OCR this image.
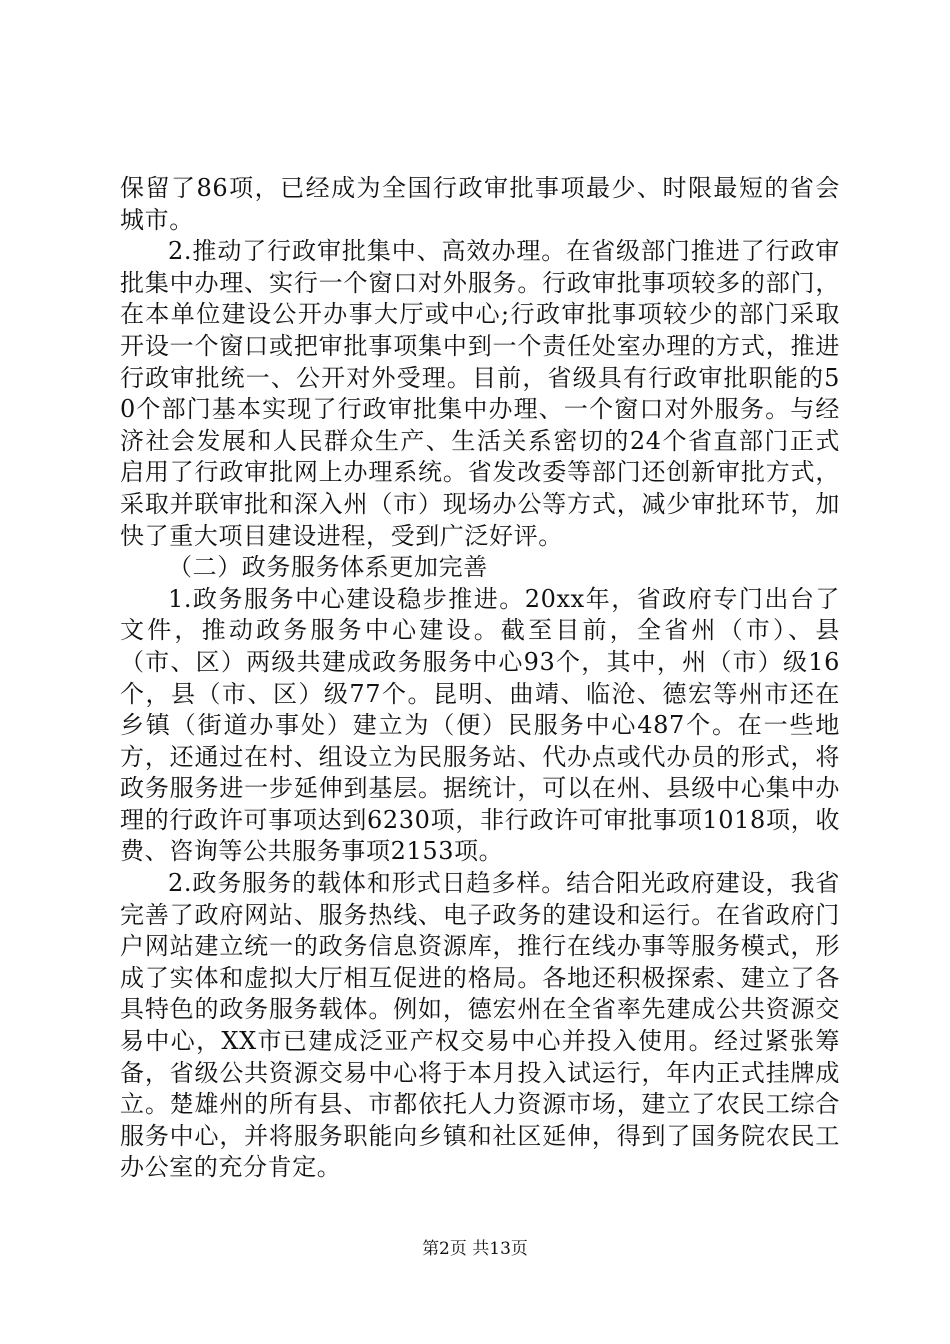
保留了86项，已经成为全国行政审批事项最少、时限最短的省会城市。

2.推动了行政审批集中、高效办理。在省级部门推进了行政审批集中办理、实行一个窗口对外服务。行政审批事项较多的部门，在本单位建设公开办事大厅或中心;行政审批事项较少的部门采取开设一个窗口或把审批事项集中到一个责任处室办理的方式，推进行政审批统一、公开对外受理。目前，省级具有行政审批职能的50个部门基本实现了行政审批集中办理、一个窗口对外服务。与经济社会发展和人民群众生产、生活关系密切的24个省直部门正式启用了行政审批网上办理系统。省发改委等部门还创新审批方式，采取并联审批和深入州（市）现场办公等方式，减少审批环节，加快了重大项目建设进程，受到广泛好评。

（二）政务服务体系更加完善

1.政务服务中心建设稳步推进。20xx年，省政府专门出台了文件，推动政务服务中心建设。截至目前，全省州（市）、县（市、区）两级共建成政务服务中心93个，其中，州（市）级16个，县（市、区）级77个。昆明、曲靖、临沧、德宏等州市还在乡镇（街道办事处）建立为（便）民服务中心487个。在一些地方，还通过在村、组设立为民服务站、代办点或代办员的形式，将政务服务进一步延伸到基层。据统计，可以在州、县级中心集中办理的行政许可事项达到6230项，非行政许可审批事项1018项，收费、咨询等公共服务事项2153项。

2.政务服务的载体和形式日趋多样。结合阳光政府建设，我省完善了政府网站、服务热线、电子政务的建设和运行。在省政府门户网站建立统一的政务信息资源库，推行在线办事等服务模式，形成了实体和虚拟大厅相互促进的格局。各地还积极探索、建立了各具特色的政务服务载体。例如，德宏州在全省率先建成公共资源交易中心，XX市已建成泛亚产权交易中心并投入使用。经过紧张筹备，省级公共资源交易中心将于本月投入试运行，年内正式挂牌成立。楚雄州的所有县、市都依托人力资源市场，建立了农民工综合服务中心，并将服务职能向乡镇和社区延伸，得到了国务院农民工办公室的充分肯定。

第2页 共13页
